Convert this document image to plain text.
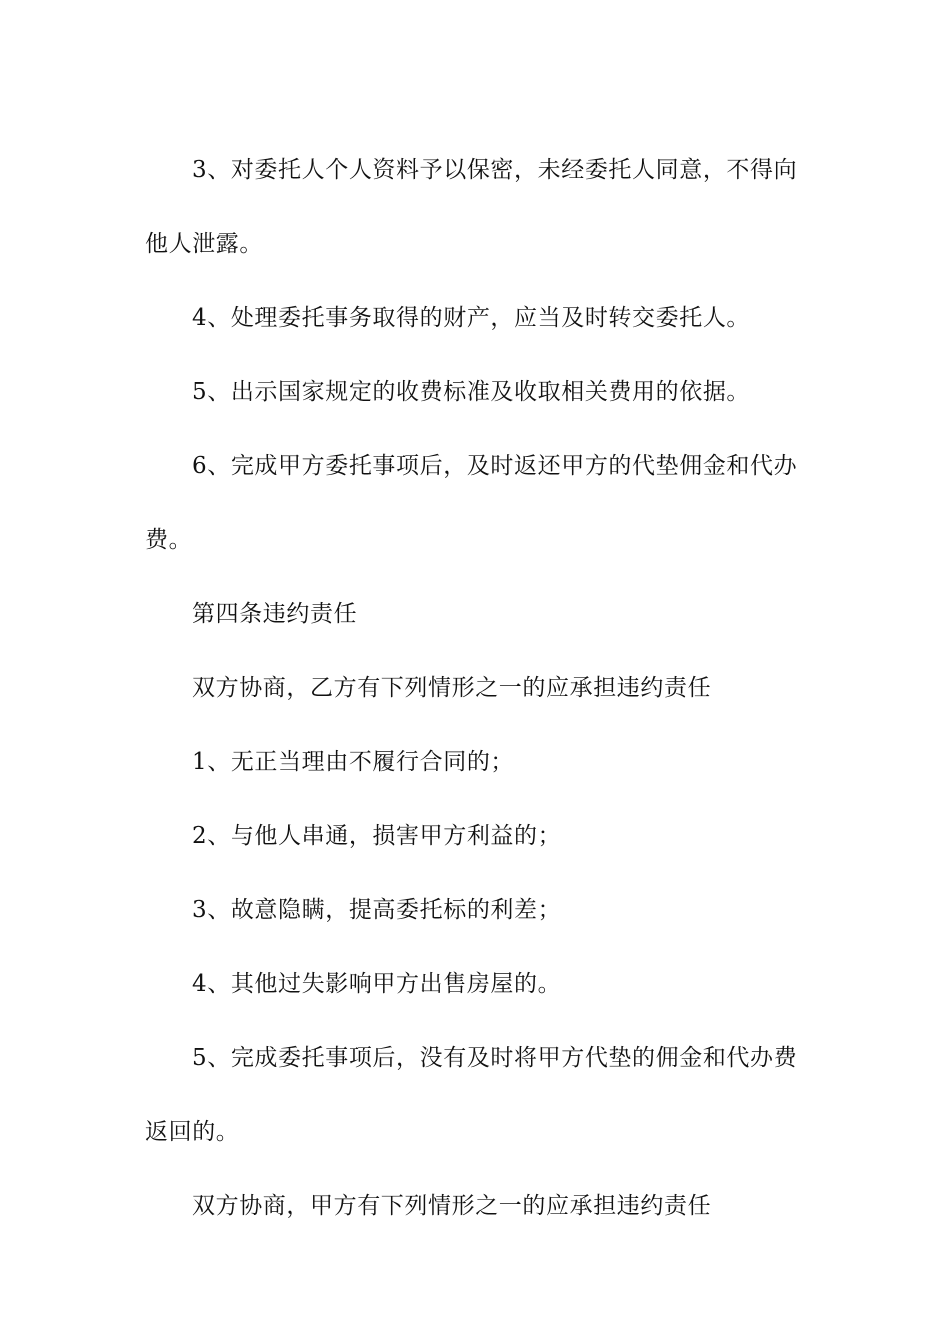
3、对委托人个人资料予以保密，未经委托人同意，不得向他人泄露。

4、处理委托事务取得的财产，应当及时转交委托人。

5、出示国家规定的收费标准及收取相关费用的依据。

6、完成甲方委托事项后，及时返还甲方的代垫佣金和代办费。

第四条违约责任

双方协商，乙方有下列情形之一的应承担违约责任

1、无正当理由不履行合同的；

2、与他人串通，损害甲方利益的；

3、故意隐瞒，提高委托标的利差；

4、其他过失影响甲方出售房屋的。

5、完成委托事项后，没有及时将甲方代垫的佣金和代办费返回的。

双方协商，甲方有下列情形之一的应承担违约责任
